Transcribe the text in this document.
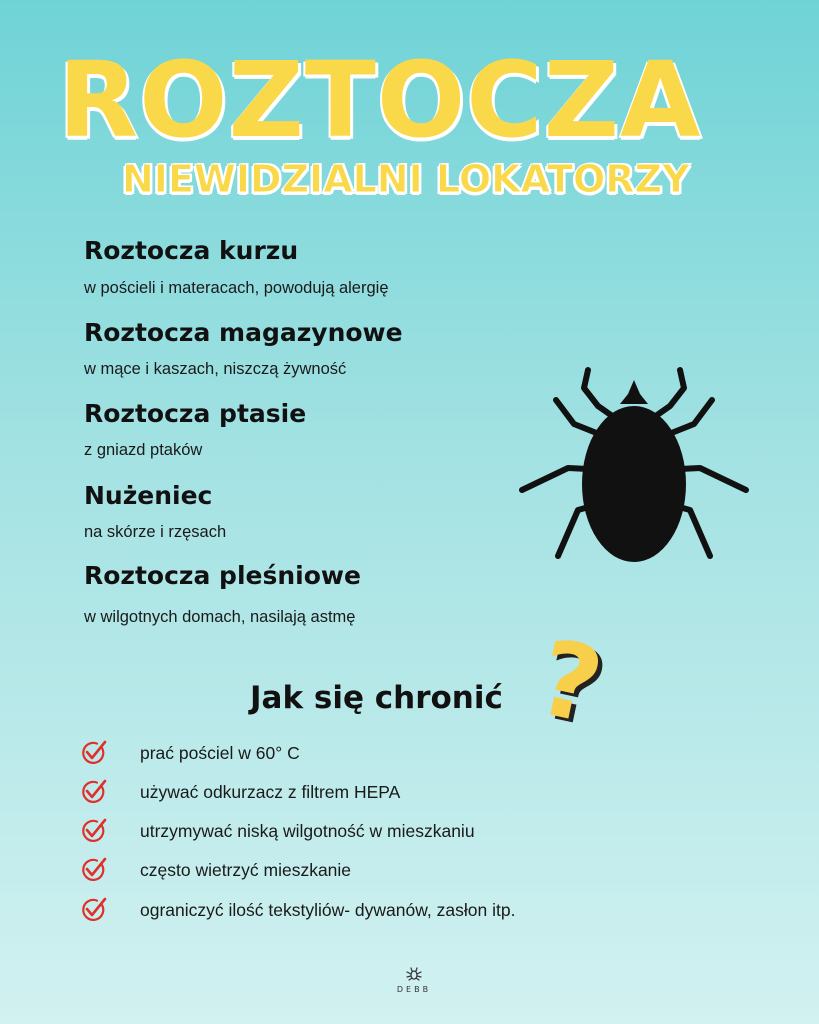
ROZTOCZA
NIEWIDZIALNI LOKATORZY
Roztocza kurzu
w pościeli i materacach, powodują alergię
Roztocza magazynowe
w mące i kaszach, niszczą żywność
Roztocza ptasie
z gniazd ptaków
Nużeniec
na skórze i rzęsach
Roztocza pleśniowe
w wilgotnych domach, nasilają astmę
Jak się chronić ?
prać pościel w 60° C
używać odkurzacz z filtrem HEPA
utrzymywać niską wilgotność w mieszkaniu
często wietrzyć mieszkanie
ograniczyć ilość tekstyliów- dywanów, zasłon itp.
DEBB
